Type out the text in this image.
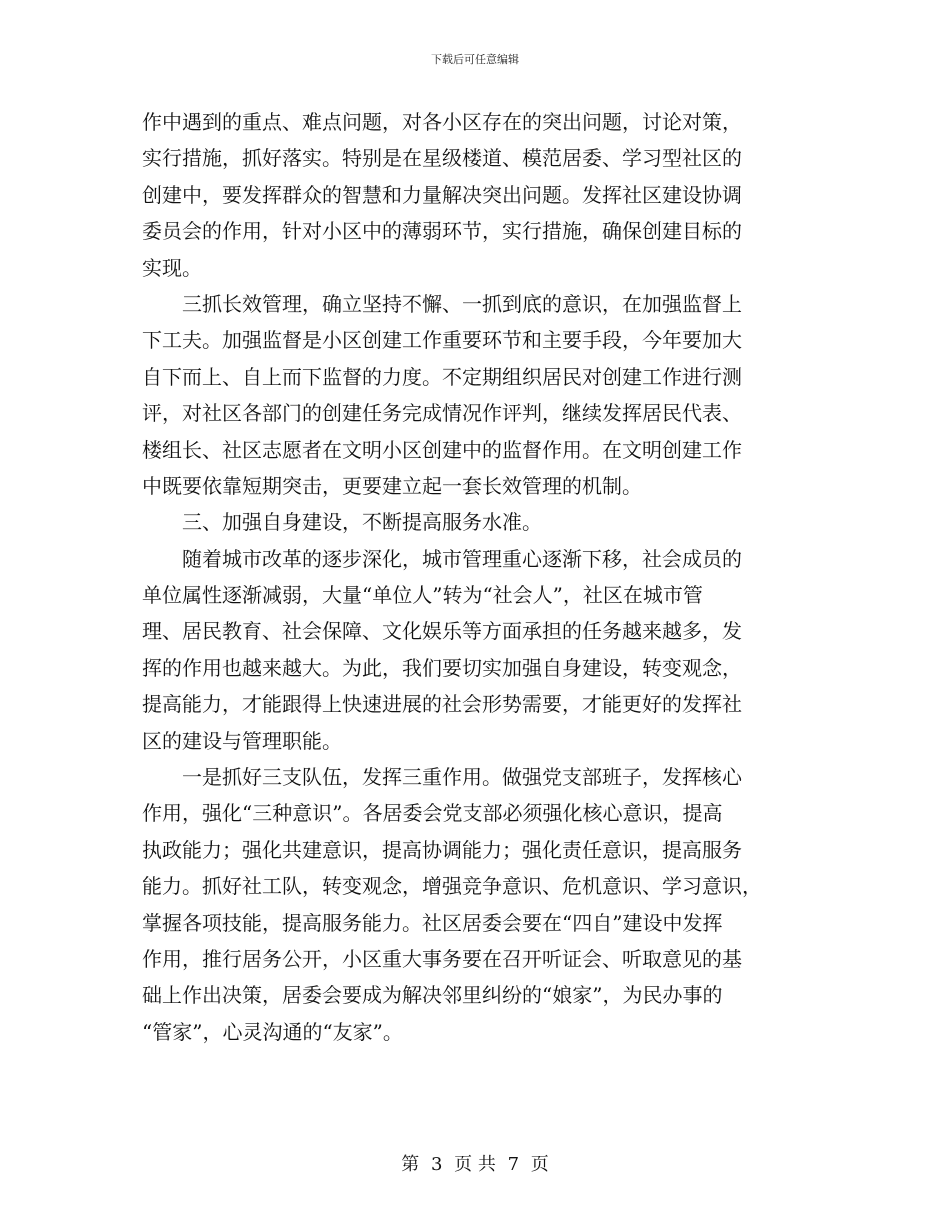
下载后可任意编辑
作中遇到的重点、难点问题，对各小区存在的突出问题，讨论对策，
实行措施，抓好落实。特别是在星级楼道、模范居委、学习型社区的
创建中，要发挥群众的智慧和力量解决突出问题。发挥社区建设协调
委员会的作用，针对小区中的薄弱环节，实行措施，确保创建目标的
实现。
　　三抓长效管理，确立坚持不懈、一抓到底的意识，在加强监督上
下工夫。加强监督是小区创建工作重要环节和主要手段，今年要加大
自下而上、自上而下监督的力度。不定期组织居民对创建工作进行测
评，对社区各部门的创建任务完成情况作评判，继续发挥居民代表、
楼组长、社区志愿者在文明小区创建中的监督作用。在文明创建工作
中既要依靠短期突击，更要建立起一套长效管理的机制。
　　三、加强自身建设，不断提高服务水准。
　　随着城市改革的逐步深化，城市管理重心逐渐下移，社会成员的
单位属性逐渐减弱，大量“单位人”转为“社会人”，社区在城市管
理、居民教育、社会保障、文化娱乐等方面承担的任务越来越多，发
挥的作用也越来越大。为此，我们要切实加强自身建设，转变观念，
提高能力，才能跟得上快速进展的社会形势需要，才能更好的发挥社
区的建设与管理职能。
　　一是抓好三支队伍，发挥三重作用。做强党支部班子，发挥核心
作用，强化“三种意识”。各居委会党支部必须强化核心意识，提高
执政能力；强化共建意识，提高协调能力；强化责任意识，提高服务
能力。抓好社工队，转变观念，增强竞争意识、危机意识、学习意识，
掌握各项技能，提高服务能力。社区居委会要在“四自”建设中发挥
作用，推行居务公开，小区重大事务要在召开听证会、听取意见的基
础上作出决策，居委会要成为解决邻里纠纷的“娘家”，为民办事的
“管家”，心灵沟通的“友家”。
第 3 页 共 7 页
